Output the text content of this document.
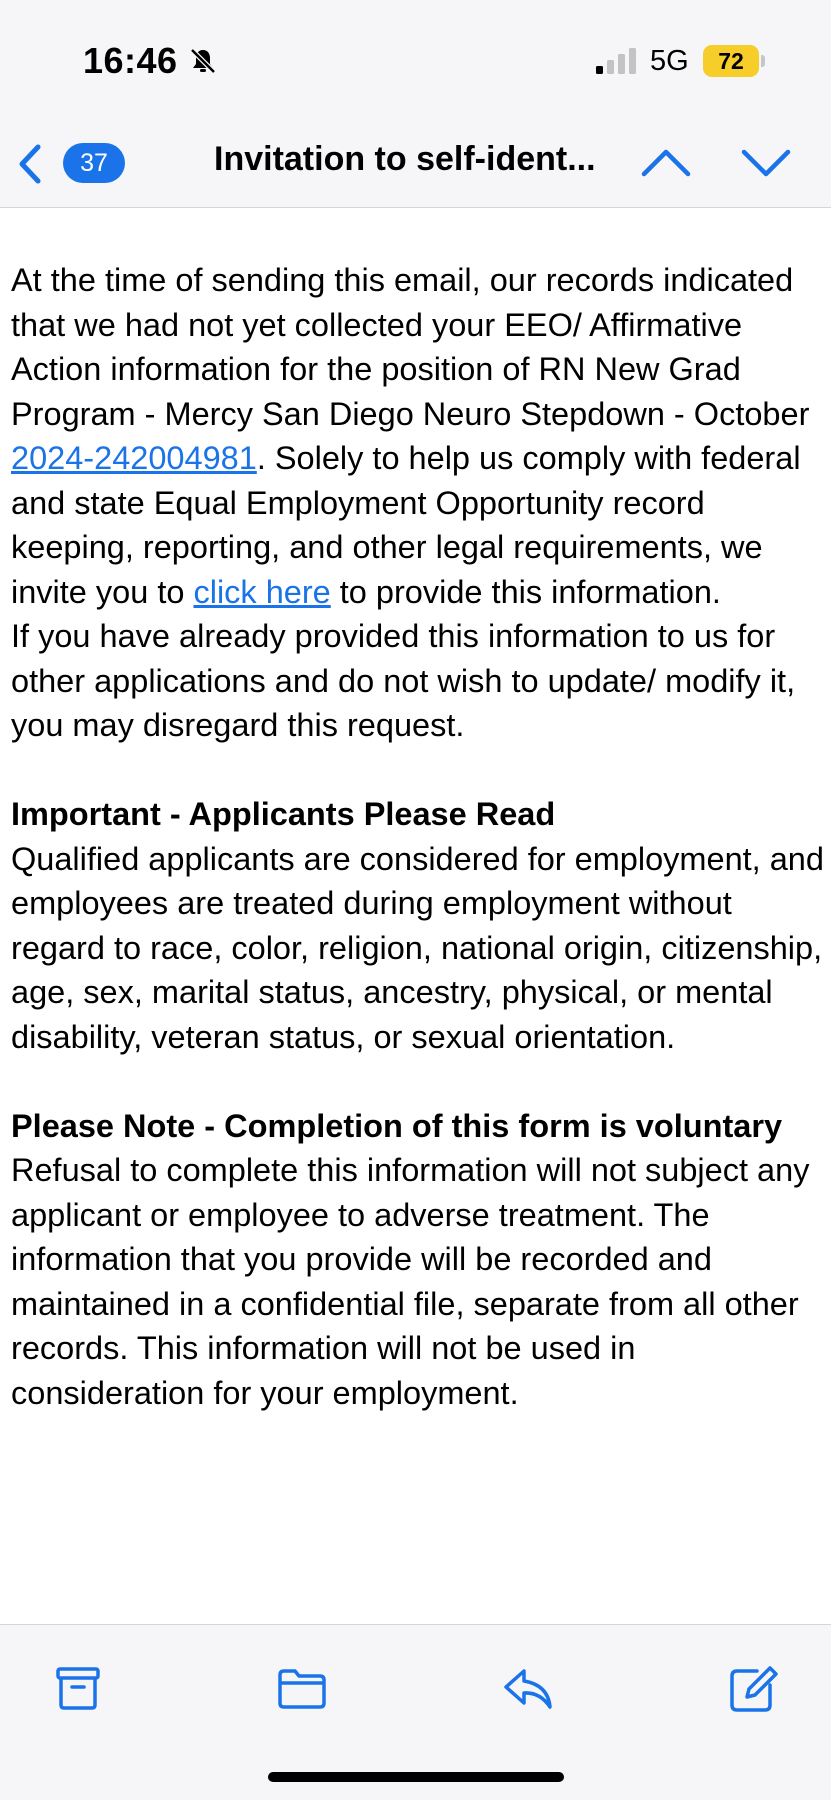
16:46	5G	72
37	Invitation to self-ident...

At the time of sending this email, our records indicated that we had not yet collected your EEO/ Affirmative Action information for the position of RN New Grad Program - Mercy San Diego Neuro Stepdown - October 2024-242004981. Solely to help us comply with federal and state Equal Employment Opportunity record keeping, reporting, and other legal requirements, we invite you to click here to provide this information.

If you have already provided this information to us for other applications and do not wish to update/ modify it, you may disregard this request.

Important - Applicants Please Read

Qualified applicants are considered for employment, and employees are treated during employment without regard to race, color, religion, national origin, citizenship, age, sex, marital status, ancestry, physical, or mental disability, veteran status, or sexual orientation.

Please Note - Completion of this form is voluntary

Refusal to complete this information will not subject any applicant or employee to adverse treatment. The information that you provide will be recorded and maintained in a confidential file, separate from all other records. This information will not be used in consideration for your employment.
